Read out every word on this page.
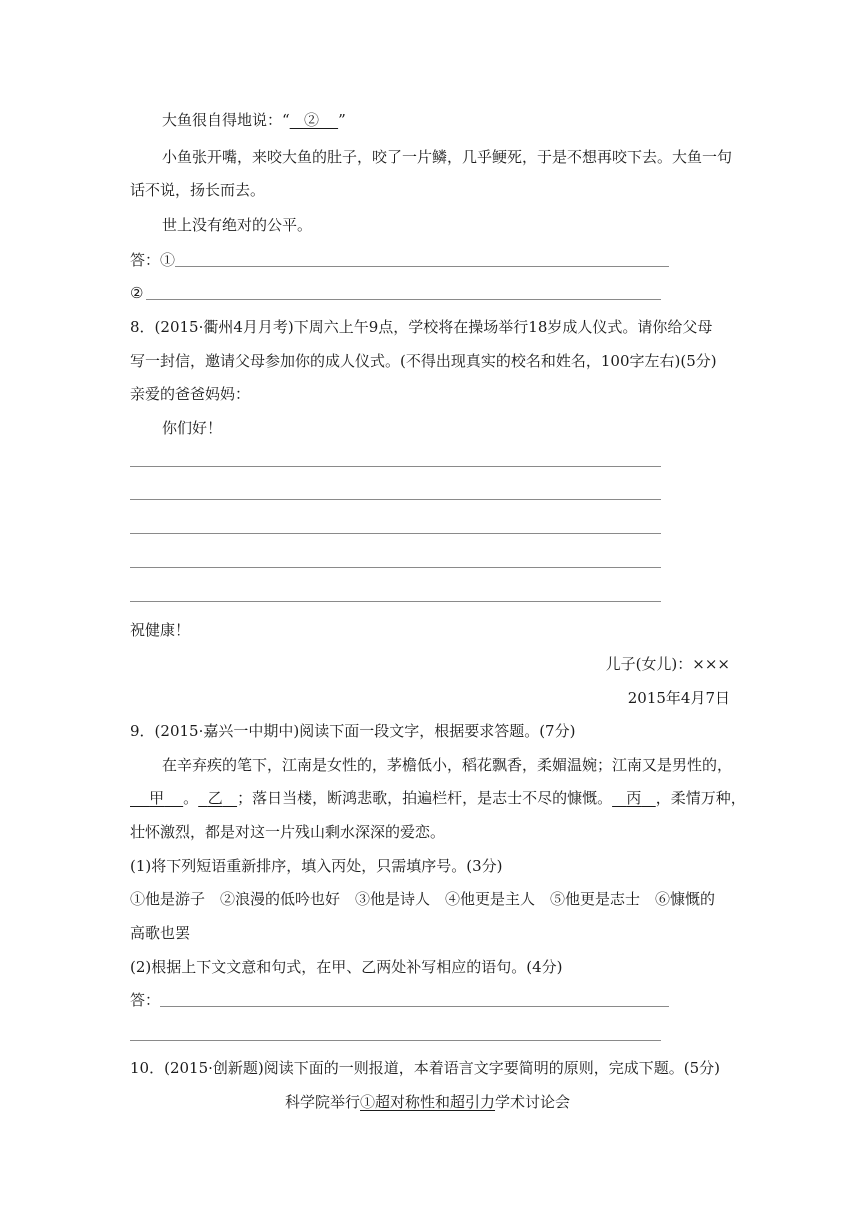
大鱼很自得地说：“ ② ”
小鱼张开嘴，来咬大鱼的肚子，咬了一片鳞，几乎鲠死，于是不想再咬下去。大鱼一句
话不说，扬长而去。
世上没有绝对的公平。
答：①
②
8．(2015·衢州4月月考)下周六上午9点，学校将在操场举行18岁成人仪式。请你给父母
写一封信，邀请父母参加你的成人仪式。(不得出现真实的校名和姓名，100字左右)(5分)
亲爱的爸爸妈妈：
你们好！
祝健康！
儿子(女儿)：×××
2015年4月7日
9．(2015·嘉兴一中期中)阅读下面一段文字，根据要求答题。(7分)
在辛弃疾的笔下，江南是女性的，茅檐低小，稻花飘香，柔媚温婉；江南又是男性的，
甲 。 乙 ；落日当楼，断鸿悲歌，拍遍栏杆，是志士不尽的慷慨。 丙 ，柔情万种，
壮怀激烈，都是对这一片残山剩水深深的爱恋。
(1)将下列短语重新排序，填入丙处，只需填序号。(3分)
①他是游子　②浪漫的低吟也好　③他是诗人　④他更是主人　⑤他更是志士　⑥慷慨的
高歌也罢
(2)根据上下文文意和句式，在甲、乙两处补写相应的语句。(4分)
答：
10．(2015·创新题)阅读下面的一则报道，本着语言文字要简明的原则，完成下题。(5分)
科学院举行①超对称性和超引力学术讨论会
